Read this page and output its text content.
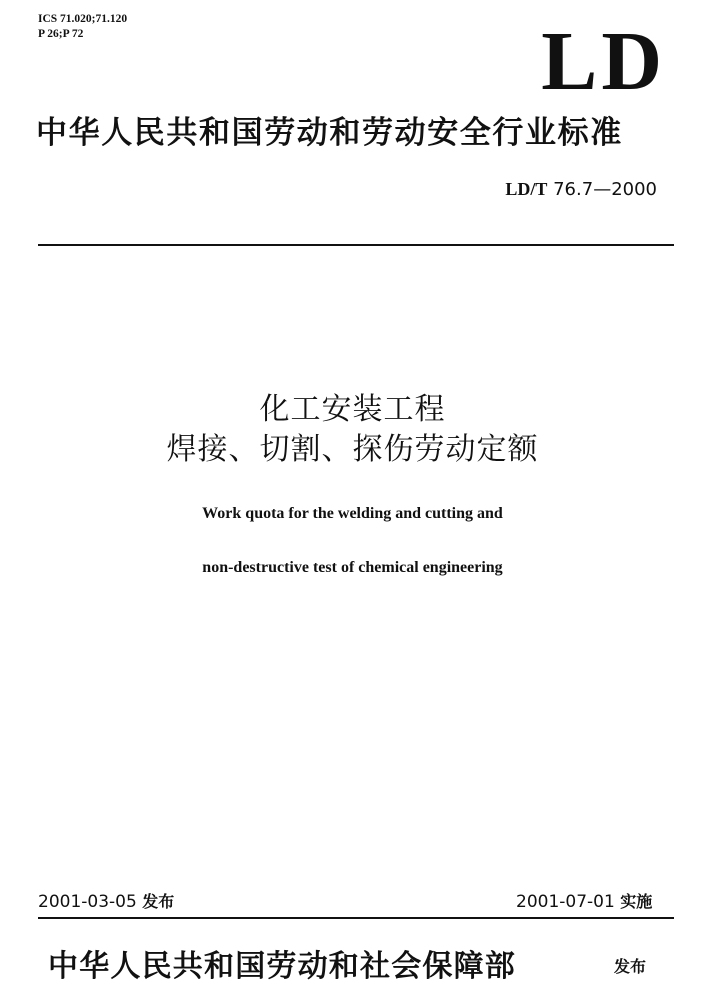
ICS 71.020;71.120
P 26;P 72	LD
中华人民共和国劳动和劳动安全行业标准
LD/T 76.7—2000
化工安装工程
焊接、切割、探伤劳动定额
Work quota for the welding and cutting and
non-destructive test of chemical engineering
2001-03-05 发布	2001-07-01 实施
中华人民共和国劳动和社会保障部	发布
